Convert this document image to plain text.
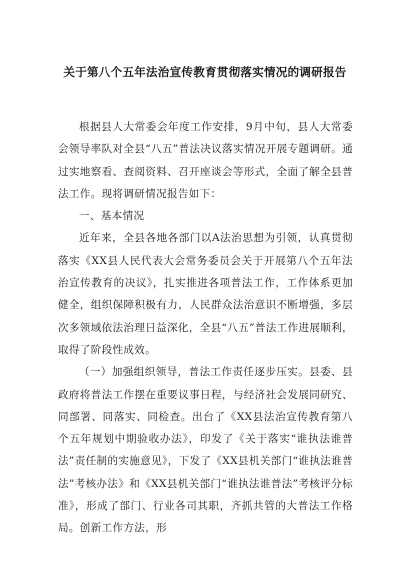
关于第八个五年法治宣传教育贯彻落实情况的调研报告

根据县人大常委会年度工作安排，9月中旬，县人大常委会领导率队对全县“八五”普法决议落实情况开展专题调研。通过实地察看、查阅资料、召开座谈会等形式，全面了解全县普法工作。现将调研情况报告如下：

一、基本情况

近年来，全县各地各部门以A法治思想为引领，认真贯彻落实《XX县人民代表大会常务委员会关于开展第八个五年法治宣传教育的决议》，扎实推进各项普法工作，工作体系更加健全，组织保障积极有力，人民群众法治意识不断增强，多层次多领域依法治理日益深化，全县“八五”普法工作进展顺利，取得了阶段性成效。

（一）加强组织领导，普法工作责任逐步压实。县委、县政府将普法工作摆在重要议事日程，与经济社会发展同研究、同部署、同落实、同检查。出台了《XX县法治宣传教育第八个五年规划中期验收办法》，印发了《关于落实“谁执法谁普法”责任制的实施意见》，下发了《XX县机关部门“谁执法谁普法”考核办法》和《XX县机关部门“谁执法谁普法”考核评分标准》，形成了部门、行业各司其职，齐抓共管的大普法工作格局。创新工作方法，形
